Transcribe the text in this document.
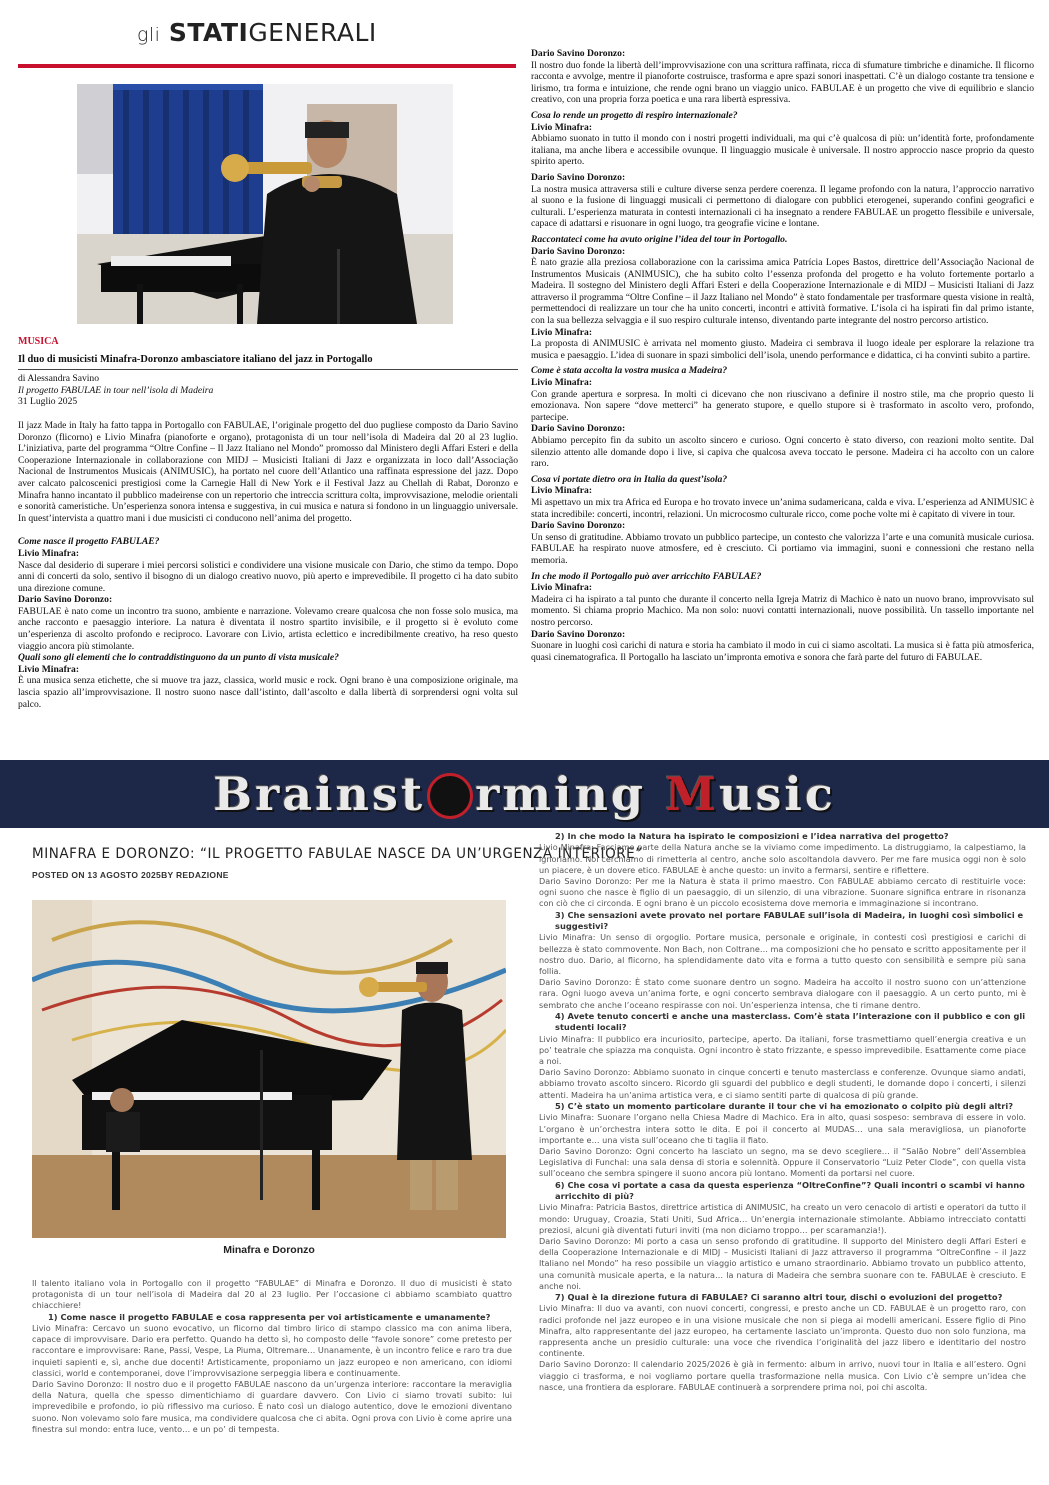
gli STATIGENERALI

MUSICA

Il duo di musicisti Minafra-Doronzo ambasciatore italiano del jazz in Portogallo

di Alessandra Savino

Il progetto FABULAE in tour nell’isola di Madeira

31 Luglio 2025

Il jazz Made in Italy ha fatto tappa in Portogallo con FABULAE, l’originale progetto del duo pugliese composto da Dario Savino Doronzo (flicorno) e Livio Minafra (pianoforte e organo), protagonista di un tour nell’isola di Madeira dal 20 al 23 luglio. L’iniziativa, parte del programma “Oltre Confine – Il Jazz Italiano nel Mondo” promosso dal Ministero degli Affari Esteri e della Cooperazione Internazionale in collaborazione con MIDJ – Musicisti Italiani di Jazz e organizzata in loco dall’Associação Nacional de Instrumentos Musicais (ANIMUSIC), ha portato nel cuore dell’Atlantico una raffinata espressione del jazz. Dopo aver calcato palcoscenici prestigiosi come la Carnegie Hall di New York e il Festival Jazz au Chellah di Rabat, Doronzo e Minafra hanno incantato il pubblico madeirense con un repertorio che intreccia scrittura colta, improvvisazione, melodie orientali e sonorità cameristiche. Un’esperienza sonora intensa e suggestiva, in cui musica e natura si fondono in un linguaggio universale. In quest’intervista a quattro mani i due musicisti ci conducono nell’anima del progetto.

Come nasce il progetto FABULAE?

Livio Minafra:

Nasce dal desiderio di superare i miei percorsi solistici e condividere una visione musicale con Dario, che stimo da tempo. Dopo anni di concerti da solo, sentivo il bisogno di un dialogo creativo nuovo, più aperto e imprevedibile. Il progetto ci ha dato subito una direzione comune.

Dario Savino Doronzo:

FABULAE è nato come un incontro tra suono, ambiente e narrazione. Volevamo creare qualcosa che non fosse solo musica, ma anche racconto e paesaggio interiore. La natura è diventata il nostro spartito invisibile, e il progetto si è evoluto come un’esperienza di ascolto profondo e reciproco. Lavorare con Livio, artista eclettico e incredibilmente creativo, ha reso questo viaggio ancora più stimolante.

Quali sono gli elementi che lo contraddistinguono da un punto di vista musicale?

Livio Minafra:

È una musica senza etichette, che si muove tra jazz, classica, world music e rock. Ogni brano è una composizione originale, ma lascia spazio all’improvvisazione. Il nostro suono nasce dall’istinto, dall’ascolto e dalla libertà di sorprendersi ogni volta sul palco.

Dario Savino Doronzo:

Il nostro duo fonde la libertà dell’improvvisazione con una scrittura raffinata, ricca di sfumature timbriche e dinamiche. Il flicorno racconta e avvolge, mentre il pianoforte costruisce, trasforma e apre spazi sonori inaspettati. C’è un dialogo costante tra tensione e lirismo, tra forma e intuizione, che rende ogni brano un viaggio unico. FABULAE è un progetto che vive di equilibrio e slancio creativo, con una propria forza poetica e una rara libertà espressiva.

Cosa lo rende un progetto di respiro internazionale?

Livio Minafra:

Abbiamo suonato in tutto il mondo con i nostri progetti individuali, ma qui c’è qualcosa di più: un’identità forte, profondamente italiana, ma anche libera e accessibile ovunque. Il linguaggio musicale è universale. Il nostro approccio nasce proprio da questo spirito aperto.

Dario Savino Doronzo:

La nostra musica attraversa stili e culture diverse senza perdere coerenza. Il legame profondo con la natura, l’approccio narrativo al suono e la fusione di linguaggi musicali ci permettono di dialogare con pubblici eterogenei, superando confini geografici e culturali. L’esperienza maturata in contesti internazionali ci ha insegnato a rendere FABULAE un progetto flessibile e universale, capace di adattarsi e risuonare in ogni luogo, tra geografie vicine e lontane.

Raccontateci come ha avuto origine l’idea del tour in Portogallo.

Dario Savino Doronzo:

È nato grazie alla preziosa collaborazione con la carissima amica Patrícia Lopes Bastos, direttrice dell’Associação Nacional de Instrumentos Musicais (ANIMUSIC), che ha subito colto l’essenza profonda del progetto e ha voluto fortemente portarlo a Madeira. Il sostegno del Ministero degli Affari Esteri e della Cooperazione Internazionale e di MIDJ – Musicisti Italiani di Jazz attraverso il programma “Oltre Confine – il Jazz Italiano nel Mondo” è stato fondamentale per trasformare questa visione in realtà, permettendoci di realizzare un tour che ha unito concerti, incontri e attività formative. L’isola ci ha ispirati fin dal primo istante, con la sua bellezza selvaggia e il suo respiro culturale intenso, diventando parte integrante del nostro percorso artistico.

Livio Minafra:

La proposta di ANIMUSIC è arrivata nel momento giusto. Madeira ci sembrava il luogo ideale per esplorare la relazione tra musica e paesaggio. L’idea di suonare in spazi simbolici dell’isola, unendo performance e didattica, ci ha convinti subito a partire.

Come è stata accolta la vostra musica a Madeira?

Livio Minafra:

Con grande apertura e sorpresa. In molti ci dicevano che non riuscivano a definire il nostro stile, ma che proprio questo li emozionava. Non sapere “dove metterci” ha generato stupore, e quello stupore si è trasformato in ascolto vero, profondo, partecipe.

Dario Savino Doronzo:

Abbiamo percepito fin da subito un ascolto sincero e curioso. Ogni concerto è stato diverso, con reazioni molto sentite. Dal silenzio attento alle domande dopo i live, si capiva che qualcosa aveva toccato le persone. Madeira ci ha accolto con un calore raro.

Cosa vi portate dietro ora in Italia da quest’isola?

Livio Minafra:

Mi aspettavo un mix tra Africa ed Europa e ho trovato invece un’anima sudamericana, calda e viva. L’esperienza ad ANIMUSIC è stata incredibile: concerti, incontri, relazioni. Un microcosmo culturale ricco, come poche volte mi è capitato di vivere in tour.

Dario Savino Doronzo:

Un senso di gratitudine. Abbiamo trovato un pubblico partecipe, un contesto che valorizza l’arte e una comunità musicale curiosa. FABULAE ha respirato nuove atmosfere, ed è cresciuto. Ci portiamo via immagini, suoni e connessioni che restano nella memoria.

In che modo il Portogallo può aver arricchito FABULAE?

Livio Minafra:

Madeira ci ha ispirato a tal punto che durante il concerto nella Igreja Matriz di Machico è nato un nuovo brano, improvvisato sul momento. Si chiama proprio Machico. Ma non solo: nuovi contatti internazionali, nuove possibilità. Un tassello importante nel nostro percorso.

Dario Savino Doronzo:

Suonare in luoghi così carichi di natura e storia ha cambiato il modo in cui ci siamo ascoltati. La musica si è fatta più atmosferica, quasi cinematografica. Il Portogallo ha lasciato un’impronta emotiva e sonora che farà parte del futuro di FABULAE.

Brainst rming M usic
MINAFRA E DORONZO: “IL PROGETTO FABULAE NASCE DA UN’URGENZA INTERIORE”
POSTED ON 13 AGOSTO 2025BY REDAZIONE
Minafra e Doronzo

Il talento italiano vola in Portogallo con il progetto “FABULAE” di Minafra e Doronzo. Il duo di musicisti è stato protagonista di un tour nell’isola di Madeira dal 20 al 23 luglio. Per l’occasione ci abbiamo scambiato quattro chiacchiere!

1) Come nasce il progetto FABULAE e cosa rappresenta per voi artisticamente e umanamente?

Livio Minafra: Cercavo un suono evocativo, un flicorno dal timbro lirico di stampo classico ma con anima libera, capace di improvvisare. Dario era perfetto. Quando ha detto sì, ho composto delle “favole sonore” come pretesto per raccontare e improvvisare: Rane, Passi, Vespe, La Piuma, Oltremare… Unanamente, è un incontro felice e raro tra due inquieti sapienti e, sì, anche due docenti! Artisticamente, proponiamo un jazz europeo e non americano, con idiomi classici, world e contemporanei, dove l’improvvisazione serpeggia libera e continuamente.

Dario Savino Doronzo: Il nostro duo e il progetto FABULAE nascono da un’urgenza interiore: raccontare la meraviglia della Natura, quella che spesso dimentichiamo di guardare davvero. Con Livio ci siamo trovati subito: lui imprevedibile e profondo, io più riflessivo ma curioso. È nato così un dialogo autentico, dove le emozioni diventano suono. Non volevamo solo fare musica, ma condividere qualcosa che ci abita. Ogni prova con Livio è come aprire una finestra sul mondo: entra luce, vento… e un po’ di tempesta.

2) In che modo la Natura ha ispirato le composizioni e l’idea narrativa del progetto?

Livio Minafra: Facciamo parte della Natura anche se la viviamo come impedimento. La distruggiamo, la calpestiamo, la ignoriamo. Noi cerchiamo di rimetterla al centro, anche solo ascoltandola davvero. Per me fare musica oggi non è solo un piacere, è un dovere etico. FABULAE è anche questo: un invito a fermarsi, sentire e riflettere.

Dario Savino Doronzo: Per me la Natura è stata il primo maestro. Con FABULAE abbiamo cercato di restituirle voce: ogni suono che nasce è figlio di un paesaggio, di un silenzio, di una vibrazione. Suonare significa entrare in risonanza con ciò che ci circonda. E ogni brano è un piccolo ecosistema dove memoria e immaginazione si incontrano.

3) Che sensazioni avete provato nel portare FABULAE sull’isola di Madeira, in luoghi così simbolici e suggestivi?

Livio Minafra: Un senso di orgoglio. Portare musica, personale e originale, in contesti così prestigiosi e carichi di bellezza è stato commovente. Non Bach, non Coltrane… ma composizioni che ho pensato e scritto appositamente per il nostro duo. Dario, al flicorno, ha splendidamente dato vita e forma a tutto questo con sensibilità e sempre più sana follia.

Dario Savino Doronzo: È stato come suonare dentro un sogno. Madeira ha accolto il nostro suono con un’attenzione rara. Ogni luogo aveva un’anima forte, e ogni concerto sembrava dialogare con il paesaggio. A un certo punto, mi è sembrato che anche l’oceano respirasse con noi. Un’esperienza intensa, che ti rimane dentro.

4) Avete tenuto concerti e anche una masterclass. Com’è stata l’interazione con il pubblico e con gli studenti locali?

Livio Minafra: Il pubblico era incuriosito, partecipe, aperto. Da italiani, forse trasmettiamo quell’energia creativa e un po’ teatrale che spiazza ma conquista. Ogni incontro è stato frizzante, e spesso imprevedibile. Esattamente come piace a noi.

Dario Savino Doronzo: Abbiamo suonato in cinque concerti e tenuto masterclass e conferenze. Ovunque siamo andati, abbiamo trovato ascolto sincero. Ricordo gli sguardi del pubblico e degli studenti, le domande dopo i concerti, i silenzi attenti. Madeira ha un’anima artistica vera, e ci siamo sentiti parte di qualcosa di più grande.

5) C’è stato un momento particolare durante il tour che vi ha emozionato o colpito più degli altri?

Livio Minafra: Suonare l’organo nella Chiesa Madre di Machico. Era in alto, quasi sospeso: sembrava di essere in volo. L’organo è un’orchestra intera sotto le dita. E poi il concerto al MUDAS… una sala meravigliosa, un pianoforte importante e… una vista sull’oceano che ti taglia il fiato.

Dario Savino Doronzo: Ogni concerto ha lasciato un segno, ma se devo scegliere… il “Salão Nobre” dell’Assemblea Legislativa di Funchal: una sala densa di storia e solennità. Oppure il Conservatorio “Luiz Peter Clode”, con quella vista sull’oceano che sembra spingere il suono ancora più lontano. Momenti da portarsi nel cuore.

6) Che cosa vi portate a casa da questa esperienza “OltreConfine”? Quali incontri o scambi vi hanno arricchito di più?

Livio Minafra: Patricia Bastos, direttrice artistica di ANIMUSIC, ha creato un vero cenacolo di artisti e operatori da tutto il mondo: Uruguay, Croazia, Stati Uniti, Sud Africa… Un’energia internazionale stimolante. Abbiamo intrecciato contatti preziosi, alcuni già diventati futuri inviti (ma non diciamo troppo… per scaramanzia!).

Dario Savino Doronzo: Mi porto a casa un senso profondo di gratitudine. Il supporto del Ministero degli Affari Esteri e della Cooperazione Internazionale e di MIDJ – Musicisti Italiani di Jazz attraverso il programma “OltreConfine – il Jazz Italiano nel Mondo” ha reso possibile un viaggio artistico e umano straordinario. Abbiamo trovato un pubblico attento, una comunità musicale aperta, e la natura… la natura di Madeira che sembra suonare con te. FABULAE è cresciuto. E anche noi.

7) Qual è la direzione futura di FABULAE? Ci saranno altri tour, dischi o evoluzioni del progetto?

Livio Minafra: Il duo va avanti, con nuovi concerti, congressi, e presto anche un CD. FABULAE è un progetto raro, con radici profonde nel jazz europeo e in una visione musicale che non si piega ai modelli americani. Essere figlio di Pino Minafra, alto rappresentante del jazz europeo, ha certamente lasciato un’impronta. Questo duo non solo funziona, ma rappresenta anche un presidio culturale: una voce che rivendica l’originalità del jazz libero e identitario del nostro continente.

Dario Savino Doronzo: Il calendario 2025/2026 è già in fermento: album in arrivo, nuovi tour in Italia e all’estero. Ogni viaggio ci trasforma, e noi vogliamo portare quella trasformazione nella musica. Con Livio c’è sempre un’idea che nasce, una frontiera da esplorare. FABULAE continuerà a sorprendere prima noi, poi chi ascolta.
